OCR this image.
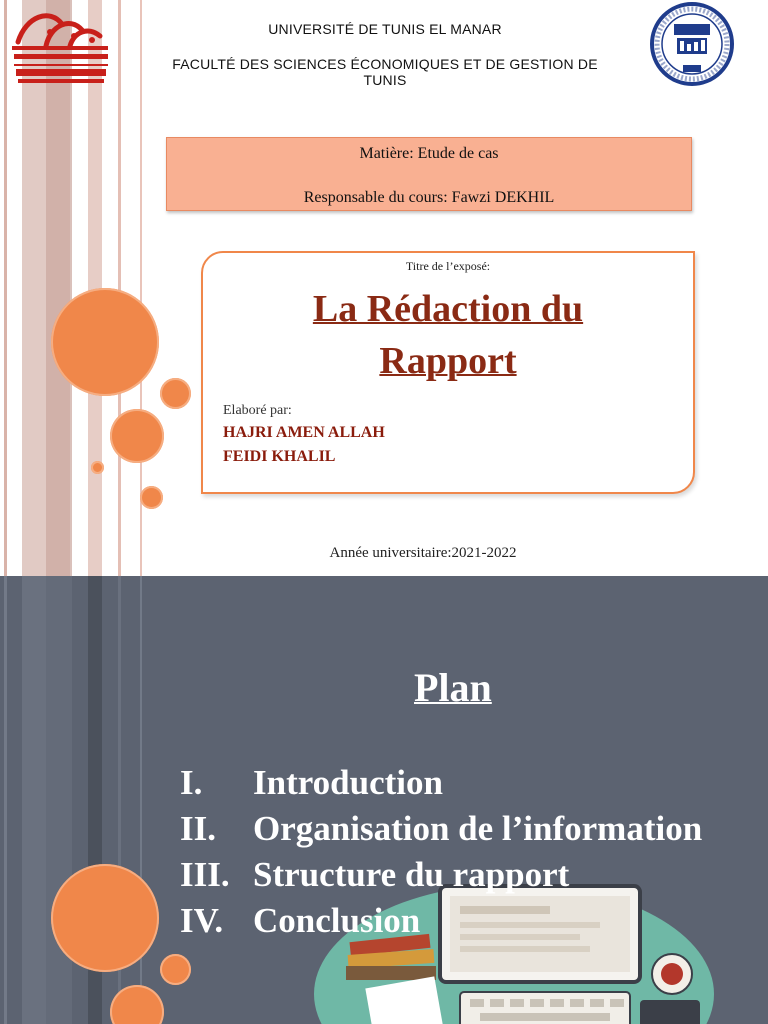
UNIVERSITÉ DE TUNIS EL MANAR
FACULTÉ DES SCIENCES ÉCONOMIQUES ET DE GESTION DE TUNIS
Matière: Etude de cas
Responsable du cours: Fawzi DEKHIL
Titre de l’exposé:
La Rédaction du
Rapport
Elaboré par:
HAJRI AMEN ALLAH
FEIDI KHALIL
Année universitaire:2021-2022
Plan
I. Introduction
II. Organisation de l’information
III. Structure du rapport
IV. Conclusion
